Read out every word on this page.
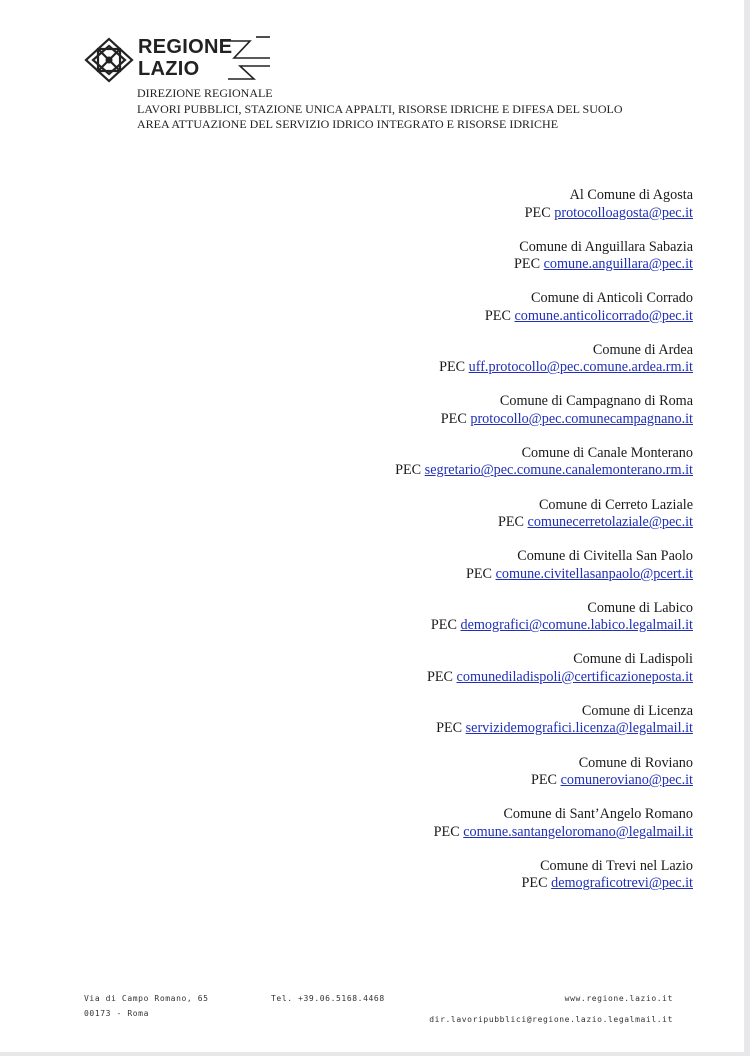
REGIONE
LAZIO
DIREZIONE REGIONALE
LAVORI PUBBLICI, STAZIONE UNICA APPALTI, RISORSE IDRICHE E DIFESA DEL SUOLO
AREA ATTUAZIONE DEL SERVIZIO IDRICO INTEGRATO E RISORSE IDRICHE
Al Comune di Agosta
PEC protocolloagosta@pec.it
Comune di Anguillara Sabazia
PEC comune.anguillara@pec.it
Comune di Anticoli Corrado
PEC comune.anticolicorrado@pec.it
Comune di Ardea
PEC uff.protocollo@pec.comune.ardea.rm.it
Comune di Campagnano di Roma
PEC protocollo@pec.comunecampagnano.it
Comune di Canale Monterano
PEC segretario@pec.comune.canalemonterano.rm.it
Comune di Cerreto Laziale
PEC comunecerretolaziale@pec.it
Comune di Civitella San Paolo
PEC comune.civitellasanpaolo@pcert.it
Comune di Labico
PEC demografici@comune.labico.legalmail.it
Comune di Ladispoli
PEC comunediladispoli@certificazioneposta.it
Comune di Licenza
PEC servizidemografici.licenza@legalmail.it
Comune di Roviano
PEC comuneroviano@pec.it
Comune di Sant’Angelo Romano
PEC comune.santangeloromano@legalmail.it
Comune di Trevi nel Lazio
PEC demograficotrevi@pec.it
Via di Campo Romano, 65
00173 - Roma
Tel. +39.06.5168.4468	www.regione.lazio.it
dir.lavoripubblici@regione.lazio.legalmail.it
